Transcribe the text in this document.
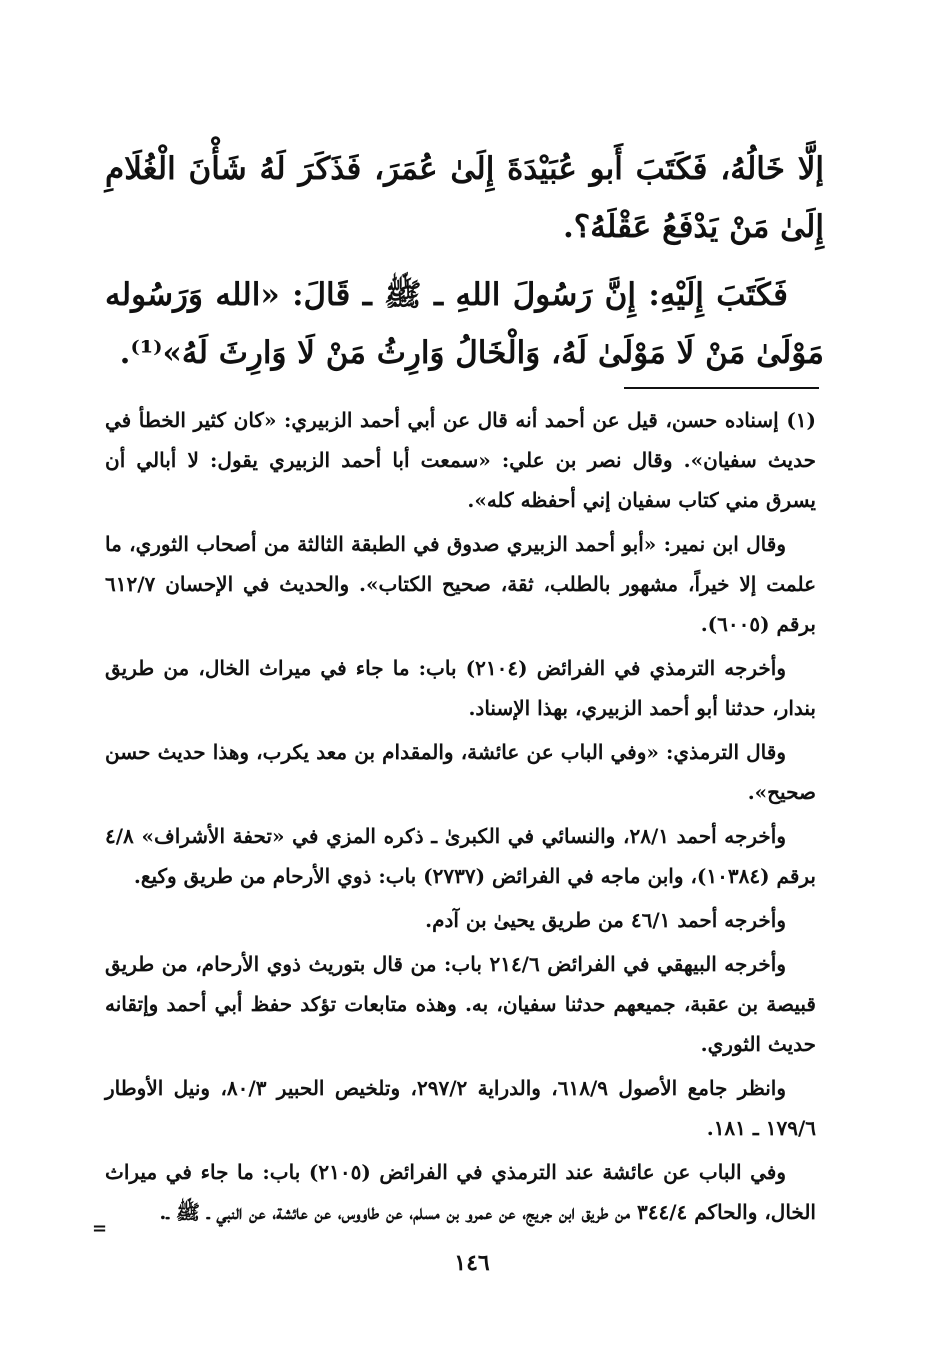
إلَّا خَالُهُ، فَكَتَبَ أَبو عُبَيْدَةَ إِلَىٰ عُمَرَ، فَذَكَرَ لَهُ شَأْنَ الْغُلَامِ إِلَىٰ مَنْ يَدْفَعُ عَقْلَهُ؟.

فَكَتَبَ إِلَيْهِ: إِنَّ رَسُولَ اللهِ ـ ﷺ ـ قَالَ: «الله وَرَسُوله مَوْلَىٰ مَنْ لَا مَوْلَىٰ لَهُ، وَالْخَالُ وَارِثُ مَنْ لَا وَارِثَ لَهُ»⁽¹⁾.

(١) إسناده حسن، قيل عن أحمد أنه قال عن أبي أحمد الزبيري: «كان كثير الخطأ في حديث سفيان». وقال نصر بن علي: «سمعت أبا أحمد الزبيري يقول: لا أبالي أن يسرق مني كتاب سفيان إني أحفظه كله».

وقال ابن نمير: «أبو أحمد الزبيري صدوق في الطبقة الثالثة من أصحاب الثوري، ما علمت إلا خيراً، مشهور بالطلب، ثقة، صحيح الكتاب». والحديث في الإحسان ٦١٢/٧ برقم (٦٠٠٥).

وأخرجه الترمذي في الفرائض (٢١٠٤) باب: ما جاء في ميراث الخال، من طريق بندار، حدثنا أبو أحمد الزبيري، بهذا الإسناد.

وقال الترمذي: «وفي الباب عن عائشة، والمقدام بن معد يكرب، وهذا حديث حسن صحيح».

وأخرجه أحمد ٢٨/١، والنسائي في الكبرىٰ ـ ذكره المزي في «تحفة الأشراف» ٤/٨ برقم (١٠٣٨٤)، وابن ماجه في الفرائض (٢٧٣٧) باب: ذوي الأرحام من طريق وكيع.

وأخرجه أحمد ٤٦/١ من طريق يحيىٰ بن آدم.

وأخرجه البيهقي في الفرائض ٢١٤/٦ باب: من قال بتوريث ذوي الأرحام، من طريق قبيصة بن عقبة، جميعهم حدثنا سفيان، به. وهذه متابعات تؤكد حفظ أبي أحمد وإتقانه حديث الثوري.

وانظر جامع الأصول ٦١٨/٩، والدراية ٢٩٧/٢، وتلخيص الحبير ٨٠/٣، ونيل الأوطار ١٧٩/٦ ـ ١٨١.

وفي الباب عن عائشة عند الترمذي في الفرائض (٢١٠٥) باب: ما جاء في ميراث الخال، والحاكم ٣٤٤/٤ من طريق ابن جريج، عن عمرو بن مسلم، عن طاووس، عن عائشة، عن النبي ـ ﷺ ـ.

=
١٤٦
